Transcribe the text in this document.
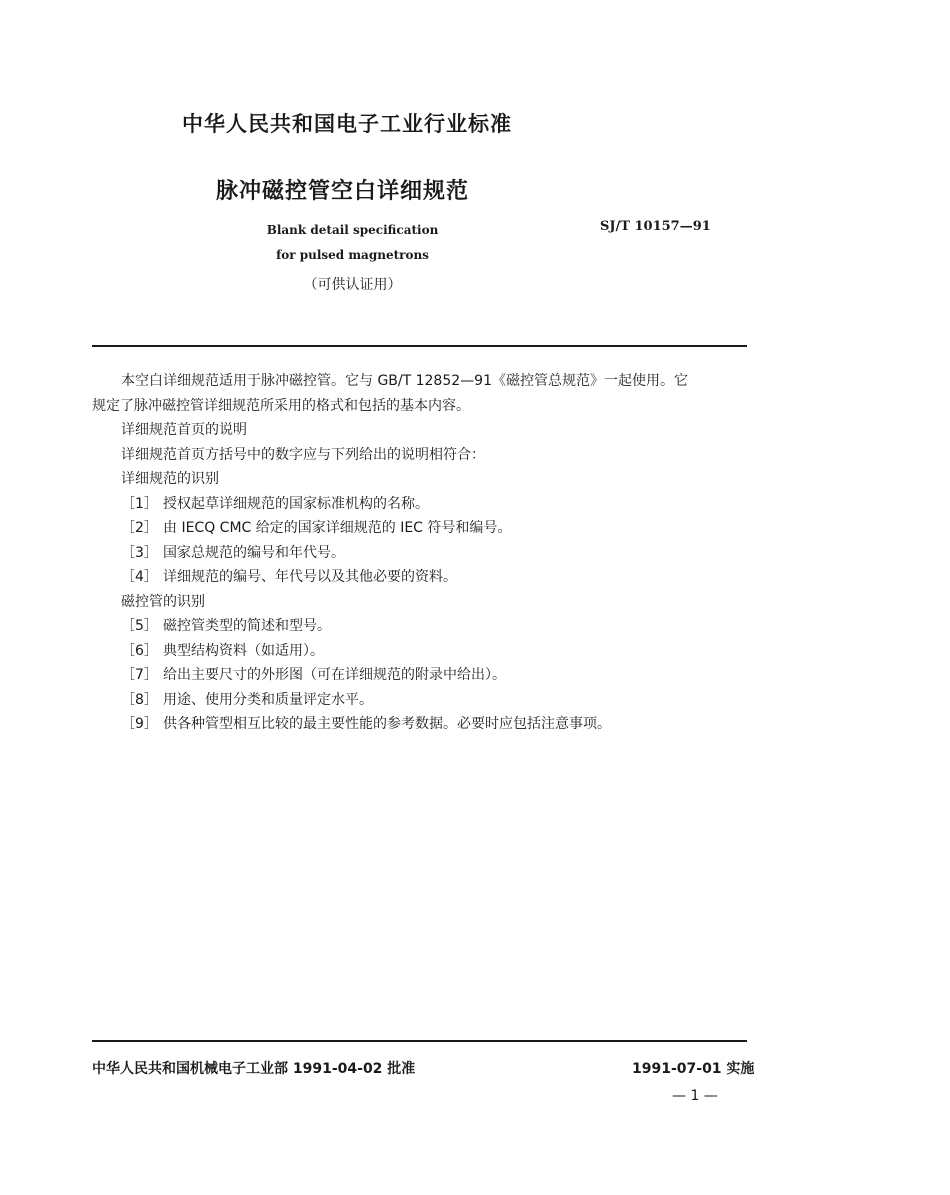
中华人民共和国电子工业行业标准
脉冲磁控管空白详细规范
Blank detail specification
for pulsed magnetrons
（可供认证用）
SJ/T 10157—91

本空白详细规范适用于脉冲磁控管。它与 GB/T 12852—91《磁控管总规范》一起使用。它

规定了脉冲磁控管详细规范所采用的格式和包括的基本内容。

详细规范首页的说明

详细规范首页方括号中的数字应与下列给出的说明相符合：

详细规范的识别

［1］ 授权起草详细规范的国家标准机构的名称。

［2］ 由 IECQ CMC 给定的国家详细规范的 IEC 符号和编号。

［3］ 国家总规范的编号和年代号。

［4］ 详细规范的编号、年代号以及其他必要的资料。

磁控管的识别

［5］ 磁控管类型的简述和型号。

［6］ 典型结构资料（如适用）。

［7］ 给出主要尺寸的外形图（可在详细规范的附录中给出）。

［8］ 用途、使用分类和质量评定水平。

［9］ 供各种管型相互比较的最主要性能的参考数据。必要时应包括注意事项。

中华人民共和国机械电子工业部 1991-04-02 批准	1991-07-01 实施
— 1 —
